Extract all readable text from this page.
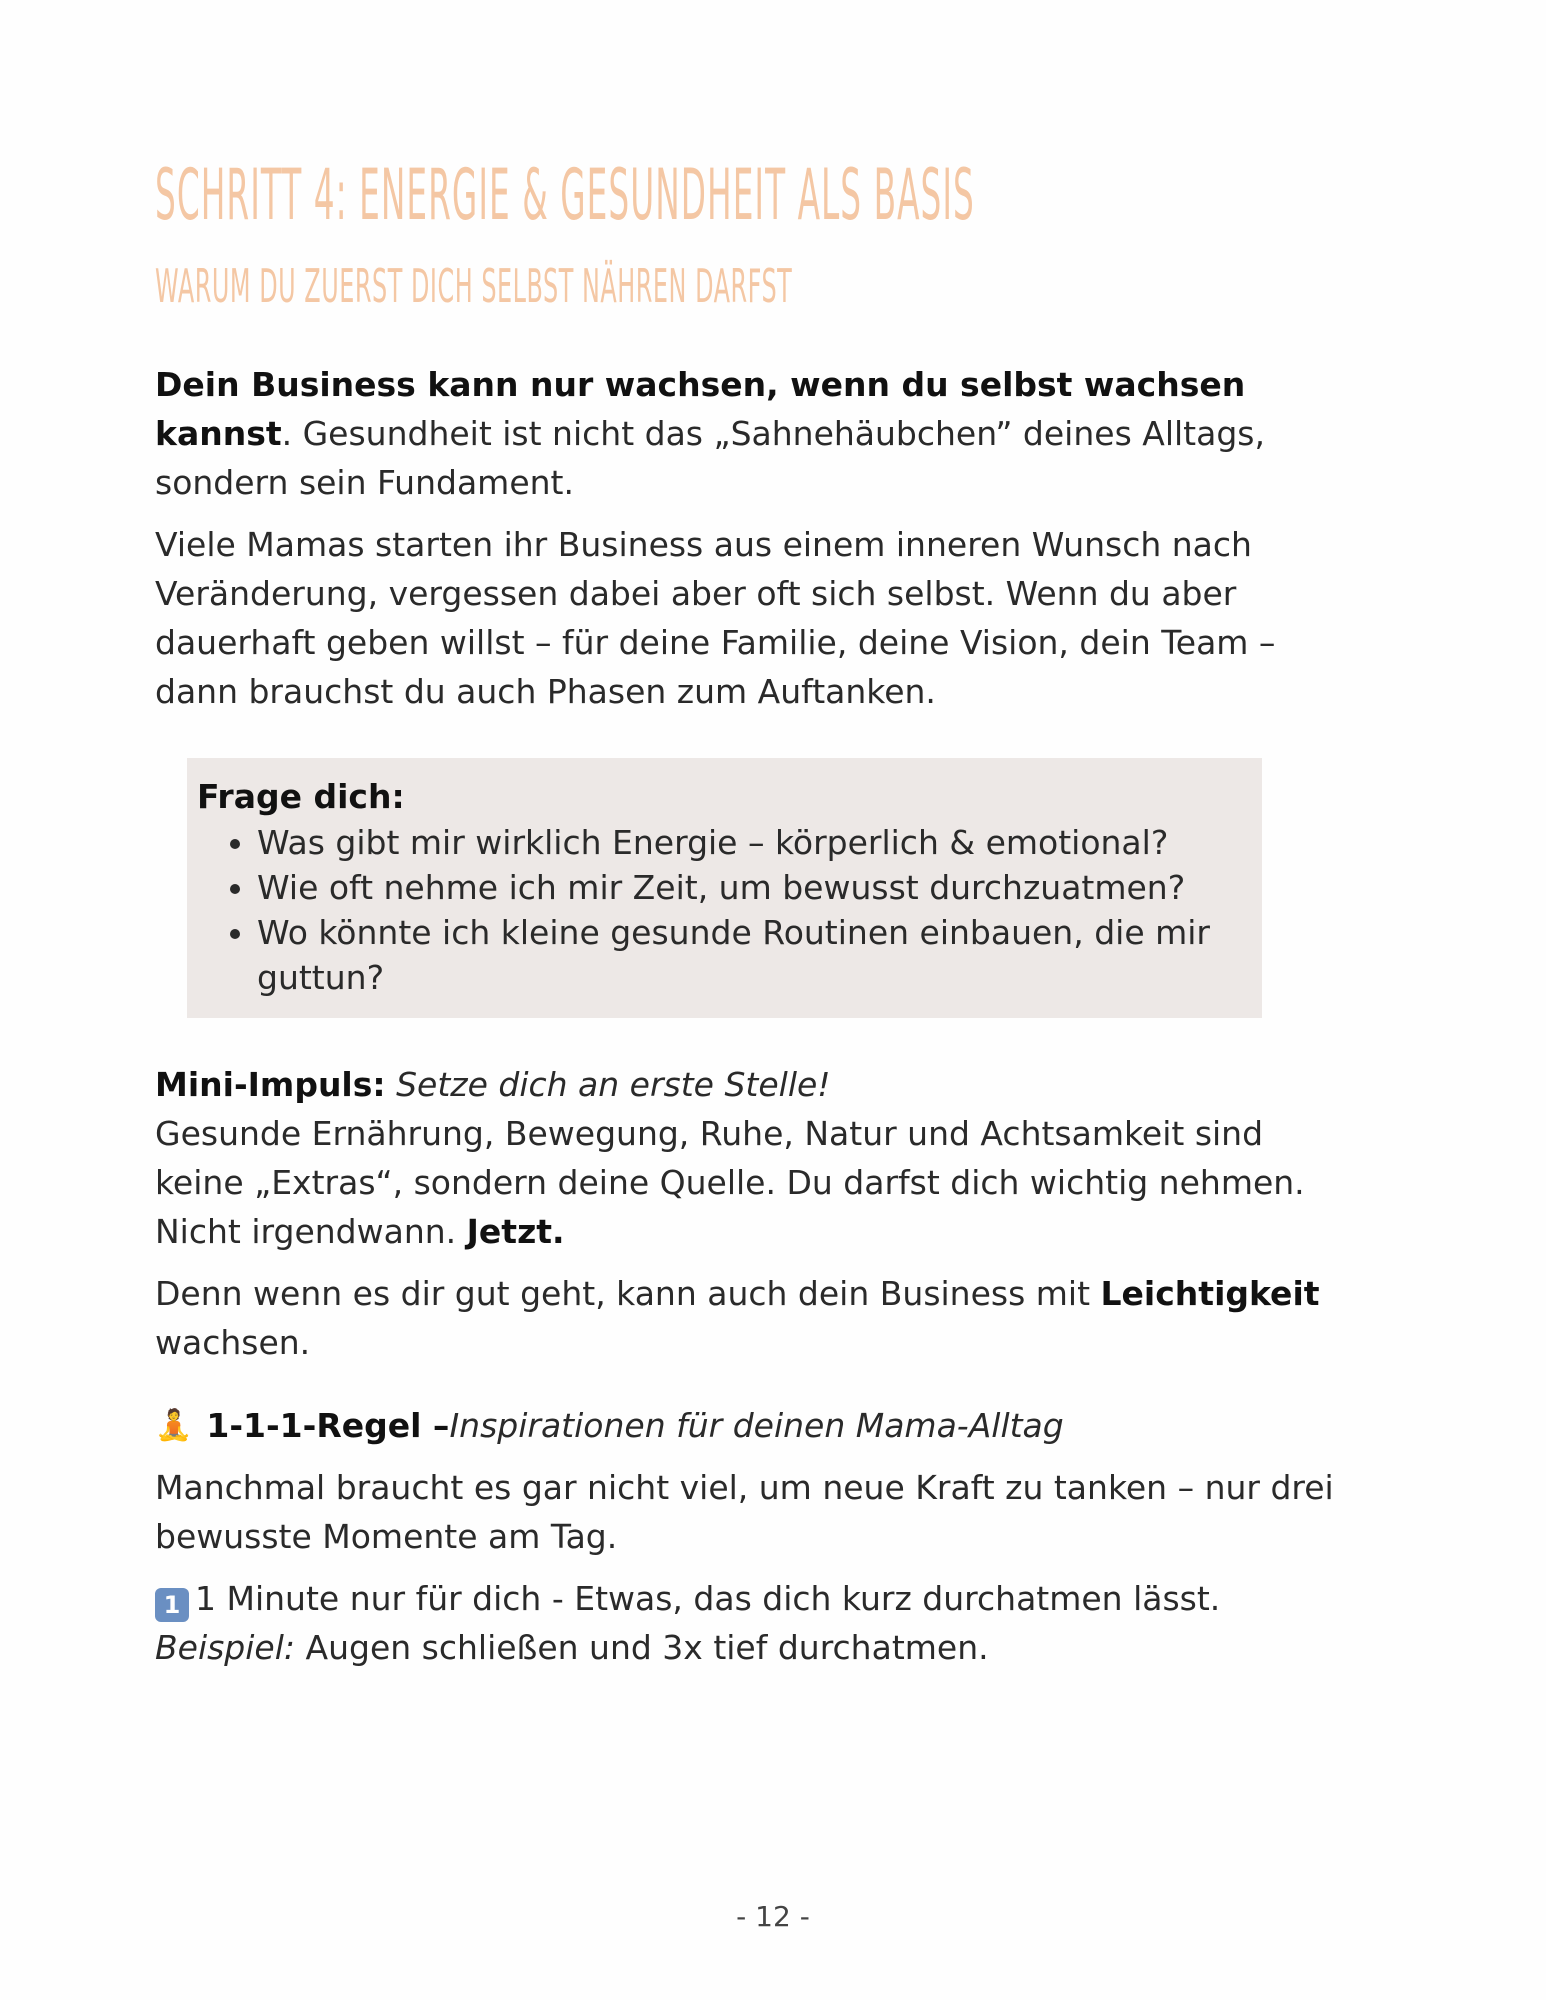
SCHRITT 4: ENERGIE & GESUNDHEIT ALS BASIS
WARUM DU ZUERST DICH SELBST NÄHREN DARFST

Dein Business kann nur wachsen, wenn du selbst wachsen kannst. Gesundheit ist nicht das „Sahnehäubchen” deines Alltags, sondern sein Fundament.

Viele Mamas starten ihr Business aus einem inneren Wunsch nach Veränderung, vergessen dabei aber oft sich selbst. Wenn du aber dauerhaft geben willst – für deine Familie, deine Vision, dein Team – dann brauchst du auch Phasen zum Auftanken.

Frage dich:
• Was gibt mir wirklich Energie – körperlich & emotional?
• Wie oft nehme ich mir Zeit, um bewusst durchzuatmen?
• Wo könnte ich kleine gesunde Routinen einbauen, die mir guttun?

Mini-Impuls: Setze dich an erste Stelle!

Gesunde Ernährung, Bewegung, Ruhe, Natur und Achtsamkeit sind keine „Extras“, sondern deine Quelle. Du darfst dich wichtig nehmen. Nicht irgendwann. Jetzt.

Denn wenn es dir gut geht, kann auch dein Business mit Leichtigkeit wachsen.

🧘 1-1-1-Regel – Inspirationen für deinen Mama-Alltag

Manchmal braucht es gar nicht viel, um neue Kraft zu tanken – nur drei bewusste Momente am Tag.

1 1 Minute nur für dich - Etwas, das dich kurz durchatmen lässt.
Beispiel: Augen schließen und 3x tief durchatmen.

- 12 -
